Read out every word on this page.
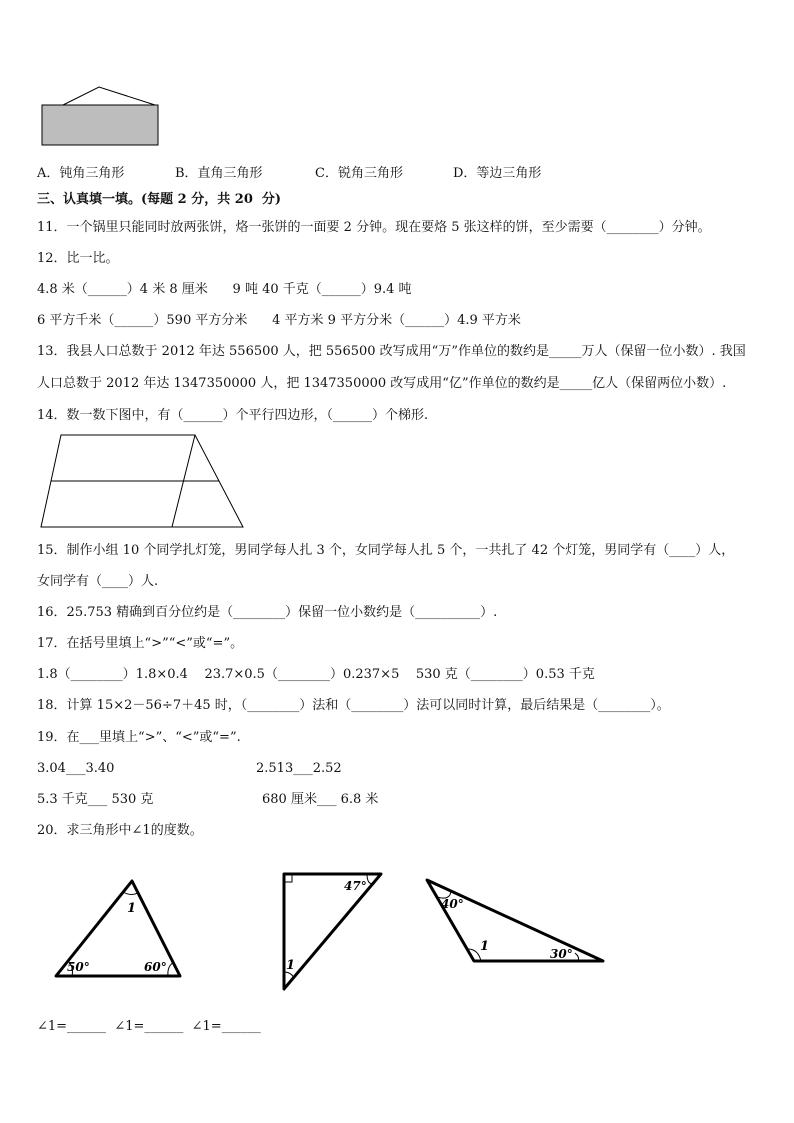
A．钝角三角形	B．直角三角形	C．锐角三角形	D．等边三角形
三、认真填一填。(每题 2 分，共 20  分)
11．一个锅里只能同时放两张饼，烙一张饼的一面要 2 分钟。现在要烙 5 张这样的饼，至少需要（________）分钟。
12．比一比。
4.8 米（______）4 米 8 厘米      9 吨 40 千克（______）9.4 吨
6 平方千米（______）590 平方分米      4 平方米 9 平方分米（______）4.9 平方米
13．我县人口总数于 2012 年达 556500 人，把 556500 改写成用“万”作单位的数约是_____万人（保留一位小数）. 我国
人口总数于 2012 年达 1347350000 人，把 1347350000 改写成用“亿”作单位的数约是_____亿人（保留两位小数）.
14．数一数下图中，有（______）个平行四边形，（______）个梯形.
15．制作小组 10 个同学扎灯笼，男同学每人扎 3 个，女同学每人扎 5 个，一共扎了 42 个灯笼，男同学有（____）人，
女同学有（____）人.
16．25.753 精确到百分位约是（________）保留一位小数约是（__________）.
17．在括号里填上“>”“<”或“=”。
1.8（________）1.8×0.4    23.7×0.5（________）0.237×5    530 克（________）0.53 千克
18．计算 15×2－56÷7＋45 时，（________）法和（________）法可以同时计算，最后结果是（________）。
19．在___里填上“>”、“<”或“=”.
3.04___3.40	2.513___2.52
5.3 千克___ 530 克	680 厘米___ 6.8 米
20．求三角形中∠1的度数。
1
50°	60°
47°
1
40°
1	30°
∠1=______  ∠1=______  ∠1=______
